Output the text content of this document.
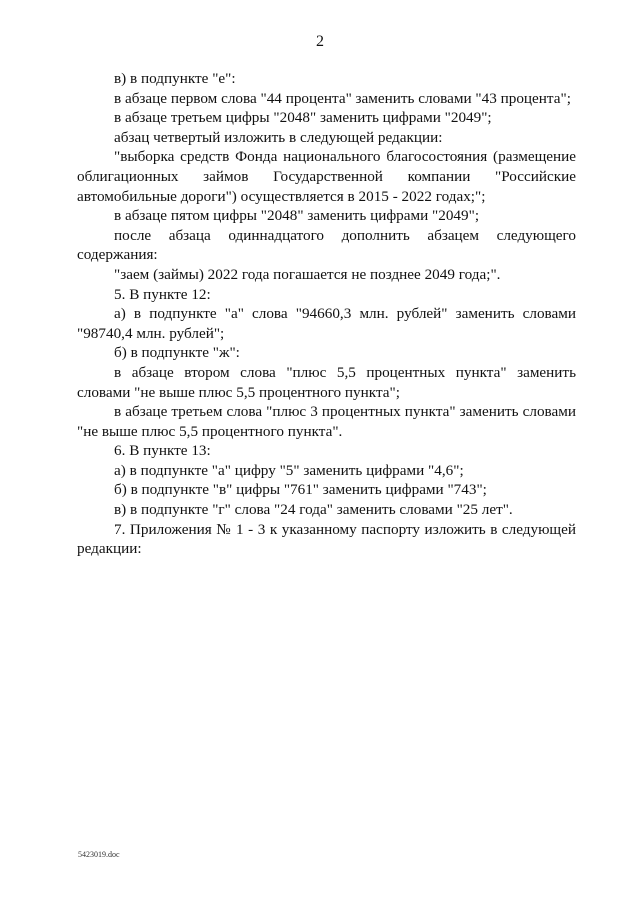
2

в) в подпункте "е":

в абзаце первом слова "44 процента" заменить словами "43 процента";

в абзаце третьем цифры "2048" заменить цифрами "2049";

абзац четвертый изложить в следующей редакции:

"выборка средств Фонда национального благосостояния (размещение облигационных займов Государственной компании "Российские автомобильные дороги") осуществляется в 2015 - 2022 годах;";

в абзаце пятом цифры "2048" заменить цифрами "2049";

после абзаца одиннадцатого дополнить абзацем следующего содержания:

"заем (займы) 2022 года погашается не позднее 2049 года;".

5. В пункте 12:

а) в подпункте "а" слова "94660,3 млн. рублей" заменить словами "98740,4 млн. рублей";

б) в подпункте "ж":

в абзаце втором слова "плюс 5,5 процентных пункта" заменить словами "не выше плюс 5,5 процентного пункта";

в абзаце третьем слова "плюс 3 процентных пункта" заменить словами "не выше плюс 5,5 процентного пункта".

6. В пункте 13:

а) в подпункте "а" цифру "5" заменить цифрами "4,6";

б) в подпункте "в" цифры "761" заменить цифрами "743";

в) в подпункте "г" слова "24 года" заменить словами "25 лет".

7. Приложения № 1 - 3 к указанному паспорту изложить в следующей редакции:

5423019.doc
